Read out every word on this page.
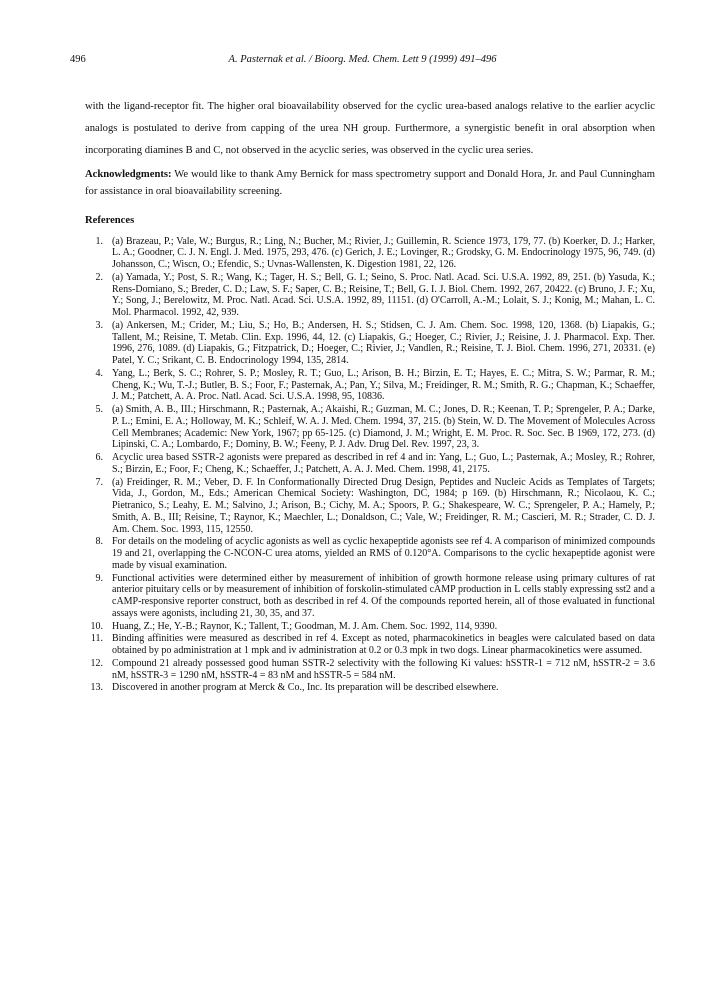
496	A. Pasternak et al. / Bioorg. Med. Chem. Lett 9 (1999) 491–496

with the ligand-receptor fit. The higher oral bioavailability observed for the cyclic urea-based analogs relative to the earlier acyclic analogs is postulated to derive from capping of the urea NH group. Furthermore, a synergistic benefit in oral absorption when incorporating diamines B and C, not observed in the acyclic series, was observed in the cyclic urea series.

Acknowledgments: We would like to thank Amy Bernick for mass spectrometry support and Donald Hora, Jr. and Paul Cunningham for assistance in oral bioavailability screening.

References

1. (a) Brazeau, P.; Vale, W.; Burgus, R.; Ling, N.; Bucher, M.; Rivier, J.; Guillemin, R. Science 1973, 179, 77. (b) Koerker, D. J.; Harker, L. A.; Goodner, C. J. N. Engl. J. Med. 1975, 293, 476. (c) Gerich, J. E.; Lovinger, R.; Grodsky, G. M. Endocrinology 1975, 96, 749. (d) Johansson, C.; Wiscn, O.; Efendic, S.; Uvnas-Wallensten, K. Digestion 1981, 22, 126.
2. (a) Yamada, Y.; Post, S. R.; Wang, K.; Tager, H. S.; Bell, G. I.; Seino, S. Proc. Natl. Acad. Sci. U.S.A. 1992, 89, 251. (b) Yasuda, K.; Rens-Domiano, S.; Breder, C. D.; Law, S. F.; Saper, C. B.; Reisine, T.; Bell, G. I. J. Biol. Chem. 1992, 267, 20422. (c) Bruno, J. F.; Xu, Y.; Song, J.; Berelowitz, M. Proc. Natl. Acad. Sci. U.S.A. 1992, 89, 11151. (d) O'Carroll, A.-M.; Lolait, S. J.; Konig, M.; Mahan, L. C. Mol. Pharmacol. 1992, 42, 939.
3. (a) Ankersen, M.; Crider, M.; Liu, S.; Ho, B.; Andersen, H. S.; Stidsen, C. J. Am. Chem. Soc. 1998, 120, 1368. (b) Liapakis, G.; Tallent, M.; Reisine, T. Metab. Clin. Exp. 1996, 44, 12. (c) Liapakis, G.; Hoeger, C.; Rivier, J.; Reisine, J. J. Pharmacol. Exp. Ther. 1996, 276, 1089. (d) Liapakis, G.; Fitzpatrick, D.; Hoeger, C.; Rivier, J.; Vandlen, R.; Reisine, T. J. Biol. Chem. 1996, 271, 20331. (e) Patel, Y. C.; Srikant, C. B. Endocrinology 1994, 135, 2814.
4. Yang, L.; Berk, S. C.; Rohrer, S. P.; Mosley, R. T.; Guo, L.; Arison, B. H.; Birzin, E. T.; Hayes, E. C.; Mitra, S. W.; Parmar, R. M.; Cheng, K.; Wu, T.-J.; Butler, B. S.; Foor, F.; Pasternak, A.; Pan, Y.; Silva, M.; Freidinger, R. M.; Smith, R. G.; Chapman, K.; Schaeffer, J. M.; Patchett, A. A. Proc. Natl. Acad. Sci. U.S.A. 1998, 95, 10836.
5. (a) Smith, A. B., III.; Hirschmann, R.; Pasternak, A.; Akaishi, R.; Guzman, M. C.; Jones, D. R.; Keenan, T. P.; Sprengeler, P. A.; Darke, P. L.; Emini, E. A.; Holloway, M. K.; Schleif, W. A. J. Med. Chem. 1994, 37, 215. (b) Stein, W. D. The Movement of Molecules Across Cell Membranes; Academic: New York, 1967; pp 65-125. (c) Diamond, J. M.; Wright, E. M. Proc. R. Soc. Sec. B 1969, 172, 273. (d) Lipinski, C. A.; Lombardo, F.; Dominy, B. W.; Feeny, P. J. Adv. Drug Del. Rev. 1997, 23, 3.
6. Acyclic urea based SSTR-2 agonists were prepared as described in ref 4 and in: Yang, L.; Guo, L.; Pasternak, A.; Mosley, R.; Rohrer, S.; Birzin, E.; Foor, F.; Cheng, K.; Schaeffer, J.; Patchett, A. A. J. Med. Chem. 1998, 41, 2175.
7. (a) Freidinger, R. M.; Veber, D. F. In Conformationally Directed Drug Design, Peptides and Nucleic Acids as Templates of Targets; Vida, J., Gordon, M., Eds.; American Chemical Society: Washington, DC, 1984; p 169. (b) Hirschmann, R.; Nicolaou, K. C.; Pietranico, S.; Leahy, E. M.; Salvino, J.; Arison, B.; Cichy, M. A.; Spoors, P. G.; Shakespeare, W. C.; Sprengeler, P. A.; Hamely, P.; Smith, A. B., III; Reisine, T.; Raynor, K.; Maechler, L.; Donaldson, C.; Vale, W.; Freidinger, R. M.; Cascieri, M. R.; Strader, C. D. J. Am. Chem. Soc. 1993, 115, 12550.
8. For details on the modeling of acyclic agonists as well as cyclic hexapeptide agonists see ref 4. A comparison of minimized compounds 19 and 21, overlapping the C-NCON-C urea atoms, yielded an RMS of 0.120°A. Comparisons to the cyclic hexapeptide agonist were made by visual examination.
9. Functional activities were determined either by measurement of inhibition of growth hormone release using primary cultures of rat anterior pituitary cells or by measurement of inhibition of forskolin-stimulated cAMP production in L cells stably expressing sst2 and a cAMP-responsive reporter construct, both as described in ref 4. Of the compounds reported herein, all of those evaluated in functional assays were agonists, including 21, 30, 35, and 37.
10. Huang, Z.; He, Y.-B.; Raynor, K.; Tallent, T.; Goodman, M. J. Am. Chem. Soc. 1992, 114, 9390.
11. Binding affinities were measured as described in ref 4. Except as noted, pharmacokinetics in beagles were calculated based on data obtained by po administration at 1 mpk and iv administration at 0.2 or 0.3 mpk in two dogs. Linear pharmacokinetics were assumed.
12. Compound 21 already possessed good human SSTR-2 selectivity with the following Ki values: hSSTR-1 = 712 nM, hSSTR-2 = 3.6 nM, hSSTR-3 = 1290 nM, hSSTR-4 = 83 nM and hSSTR-5 = 584 nM.
13. Discovered in another program at Merck & Co., Inc. Its preparation will be described elsewhere.
